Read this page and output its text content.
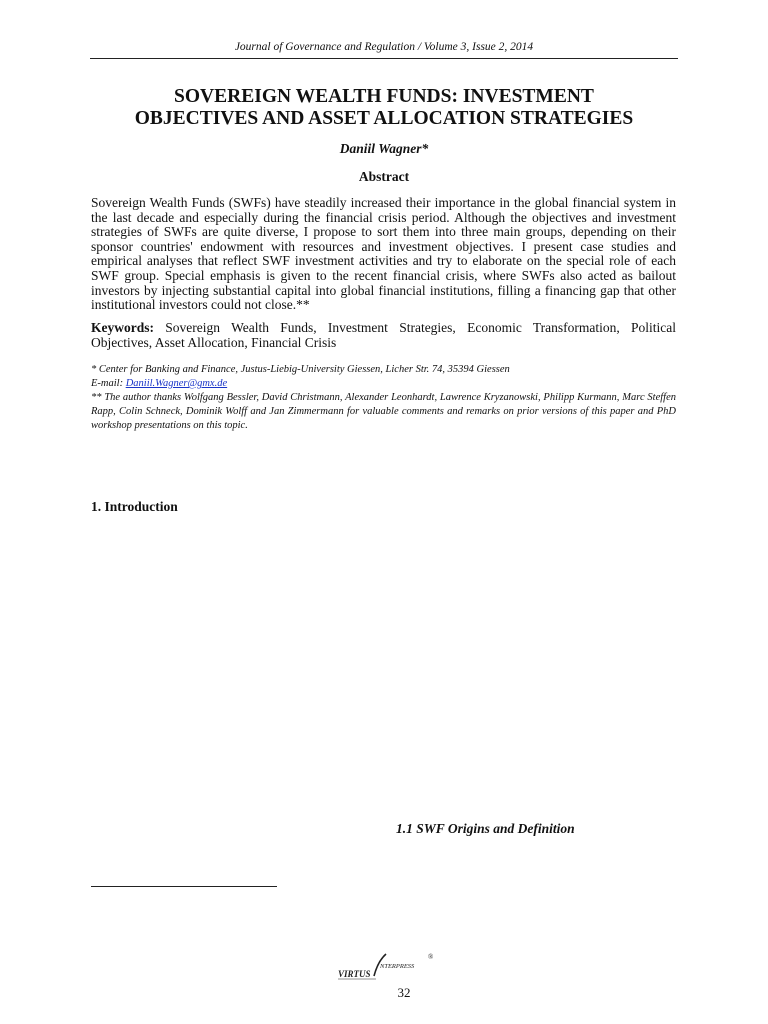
Journal of Governance and Regulation / Volume 3, Issue 2, 2014
SOVEREIGN WEALTH FUNDS: INVESTMENT
OBJECTIVES AND ASSET ALLOCATION STRATEGIES
Daniil Wagner*
Abstract
Sovereign Wealth Funds (SWFs) have steadily increased their importance in the global financial system in the last decade and especially during the financial crisis period. Although the objectives and investment strategies of SWFs are quite diverse, I propose to sort them into three main groups, depending on their sponsor countries' endowment with resources and investment objectives. I present case studies and empirical analyses that reflect SWF investment activities and try to elaborate on the special role of each SWF group. Special emphasis is given to the recent financial crisis, where SWFs also acted as bailout investors by injecting substantial capital into global financial institutions, filling a financing gap that other institutional investors could not close.**
Keywords: Sovereign Wealth Funds, Investment Strategies, Economic Transformation, Political Objectives, Asset Allocation, Financial Crisis
* Center for Banking and Finance, Justus-Liebig-University Giessen, Licher Str. 74, 35394 Giessen
E-mail: Daniil.Wagner@gmx.de
** The author thanks Wolfgang Bessler, David Christmann, Alexander Leonhardt, Lawrence Kryzanowski, Philipp Kurmann, Marc Steffen Rapp, Colin Schneck, Dominik Wolff and Jan Zimmermann for valuable comments and remarks on prior versions of this paper and PhD workshop presentations on this topic.
1. Introduction
1.1 SWF Origins and Definition
®
VIRTUS
NTERPRESS
32
